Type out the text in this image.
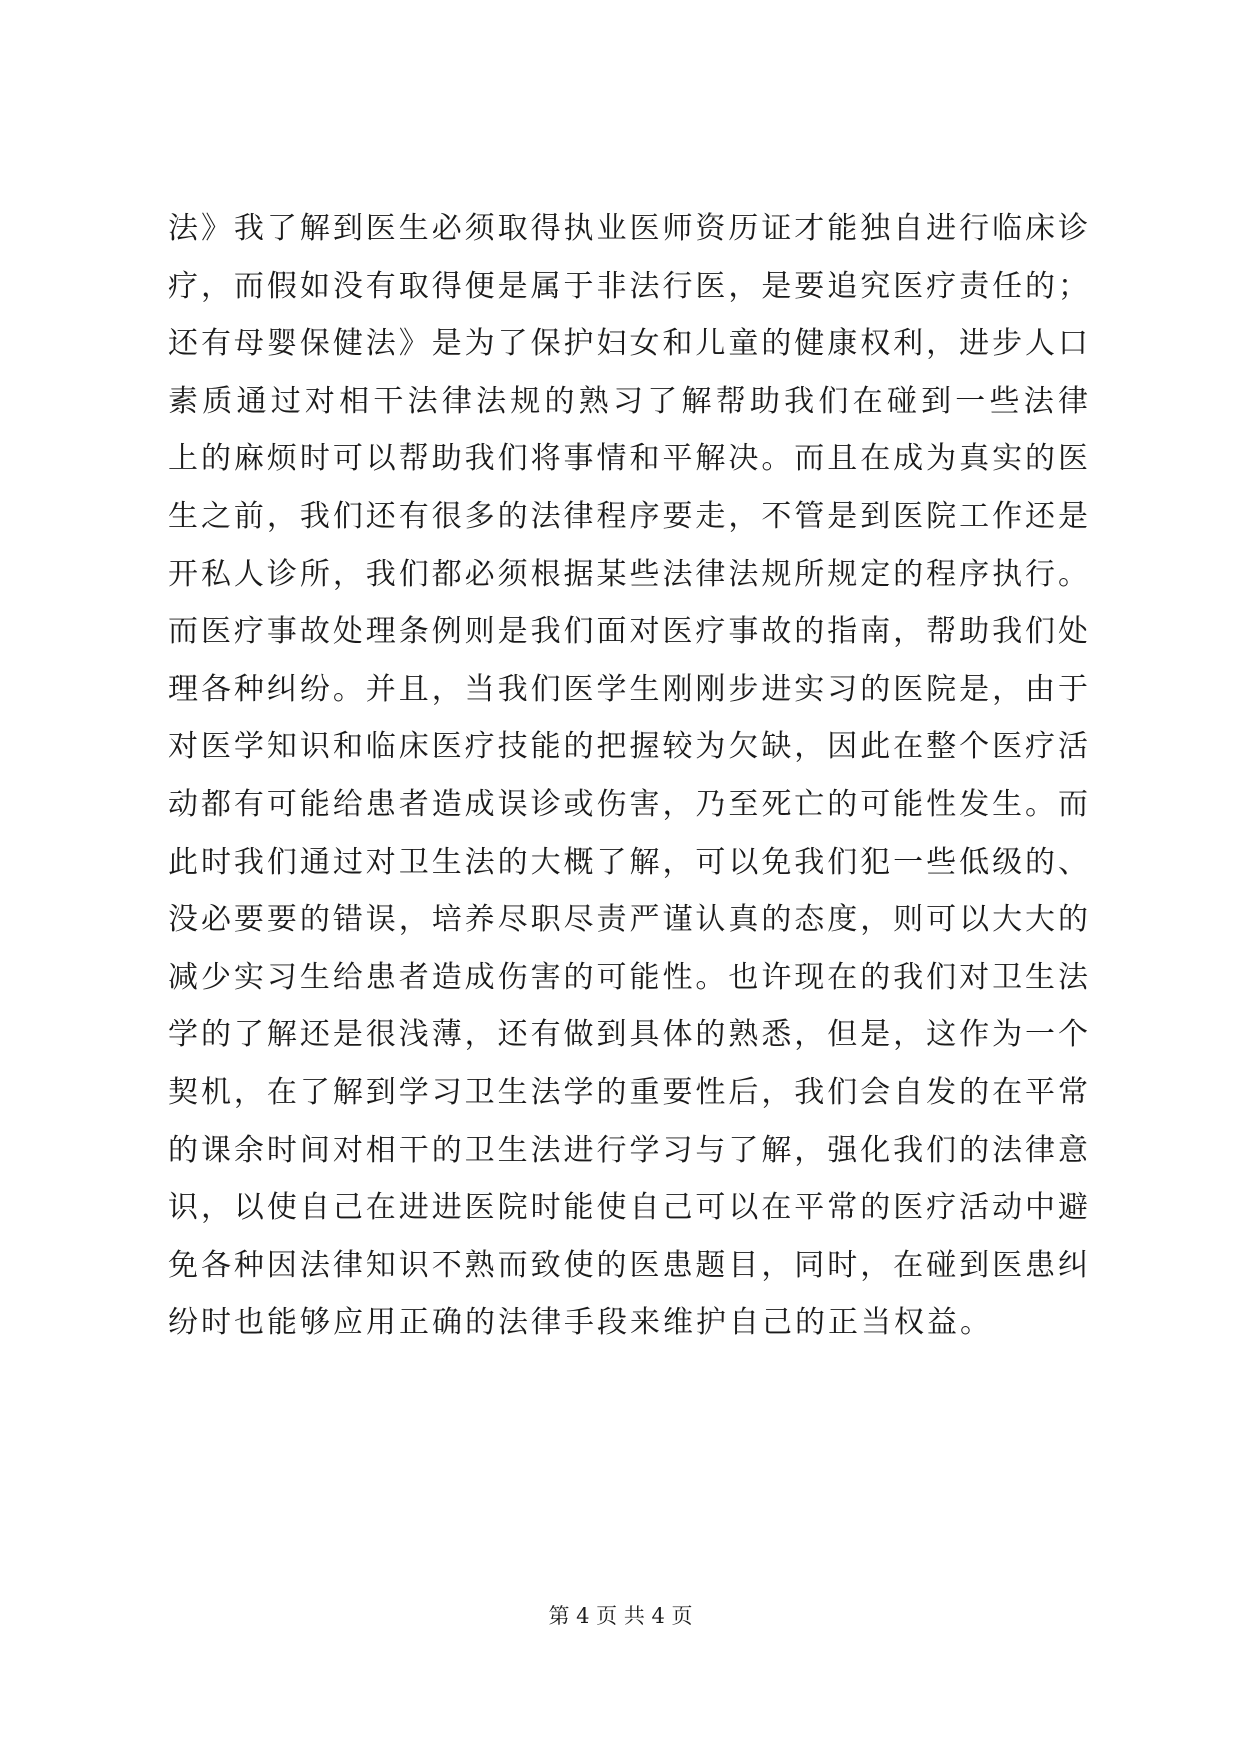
法》我了解到医生必须取得执业医师资历证才能独自进行临床诊
疗，而假如没有取得便是属于非法行医，是要追究医疗责任的；
还有母婴保健法》是为了保护妇女和儿童的健康权利，进步人口
素质通过对相干法律法规的熟习了解帮助我们在碰到一些法律
上的麻烦时可以帮助我们将事情和平解决。而且在成为真实的医
生之前，我们还有很多的法律程序要走，不管是到医院工作还是
开私人诊所，我们都必须根据某些法律法规所规定的程序执行。
而医疗事故处理条例则是我们面对医疗事故的指南，帮助我们处
理各种纠纷。并且，当我们医学生刚刚步进实习的医院是，由于
对医学知识和临床医疗技能的把握较为欠缺，因此在整个医疗活
动都有可能给患者造成误诊或伤害，乃至死亡的可能性发生。而
此时我们通过对卫生法的大概了解，可以免我们犯一些低级的、
没必要要的错误，培养尽职尽责严谨认真的态度，则可以大大的
减少实习生给患者造成伤害的可能性。也许现在的我们对卫生法
学的了解还是很浅薄，还有做到具体的熟悉，但是，这作为一个
契机，在了解到学习卫生法学的重要性后，我们会自发的在平常
的课余时间对相干的卫生法进行学习与了解，强化我们的法律意
识，以使自己在进进医院时能使自己可以在平常的医疗活动中避
免各种因法律知识不熟而致使的医患题目，同时，在碰到医患纠
纷时也能够应用正确的法律手段来维护自己的正当权益。
第 4 页 共 4 页
